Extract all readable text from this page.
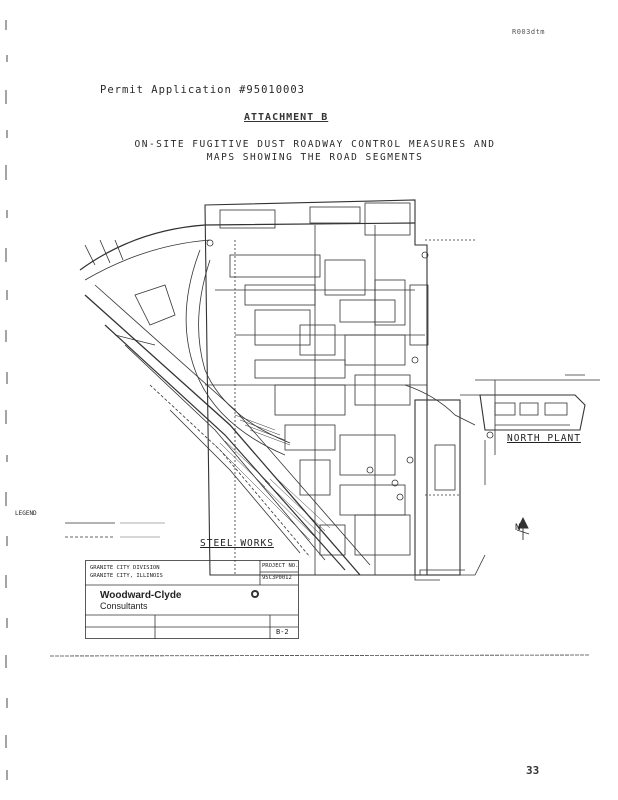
R003dtm
Permit Application #95010003
ATTACHMENT B
ON-SITE FUGITIVE DUST ROADWAY CONTROL MEASURES AND
MAPS SHOWING THE ROAD SEGMENTS
LEGEND
STEEL WORKS
NORTH PLANT
N
GRANITE CITY DIVISION
GRANITE CITY, ILLINOIS
PROJECT NO.
95C3P0012
Woodward-Clyde
Consultants
B-2
33
